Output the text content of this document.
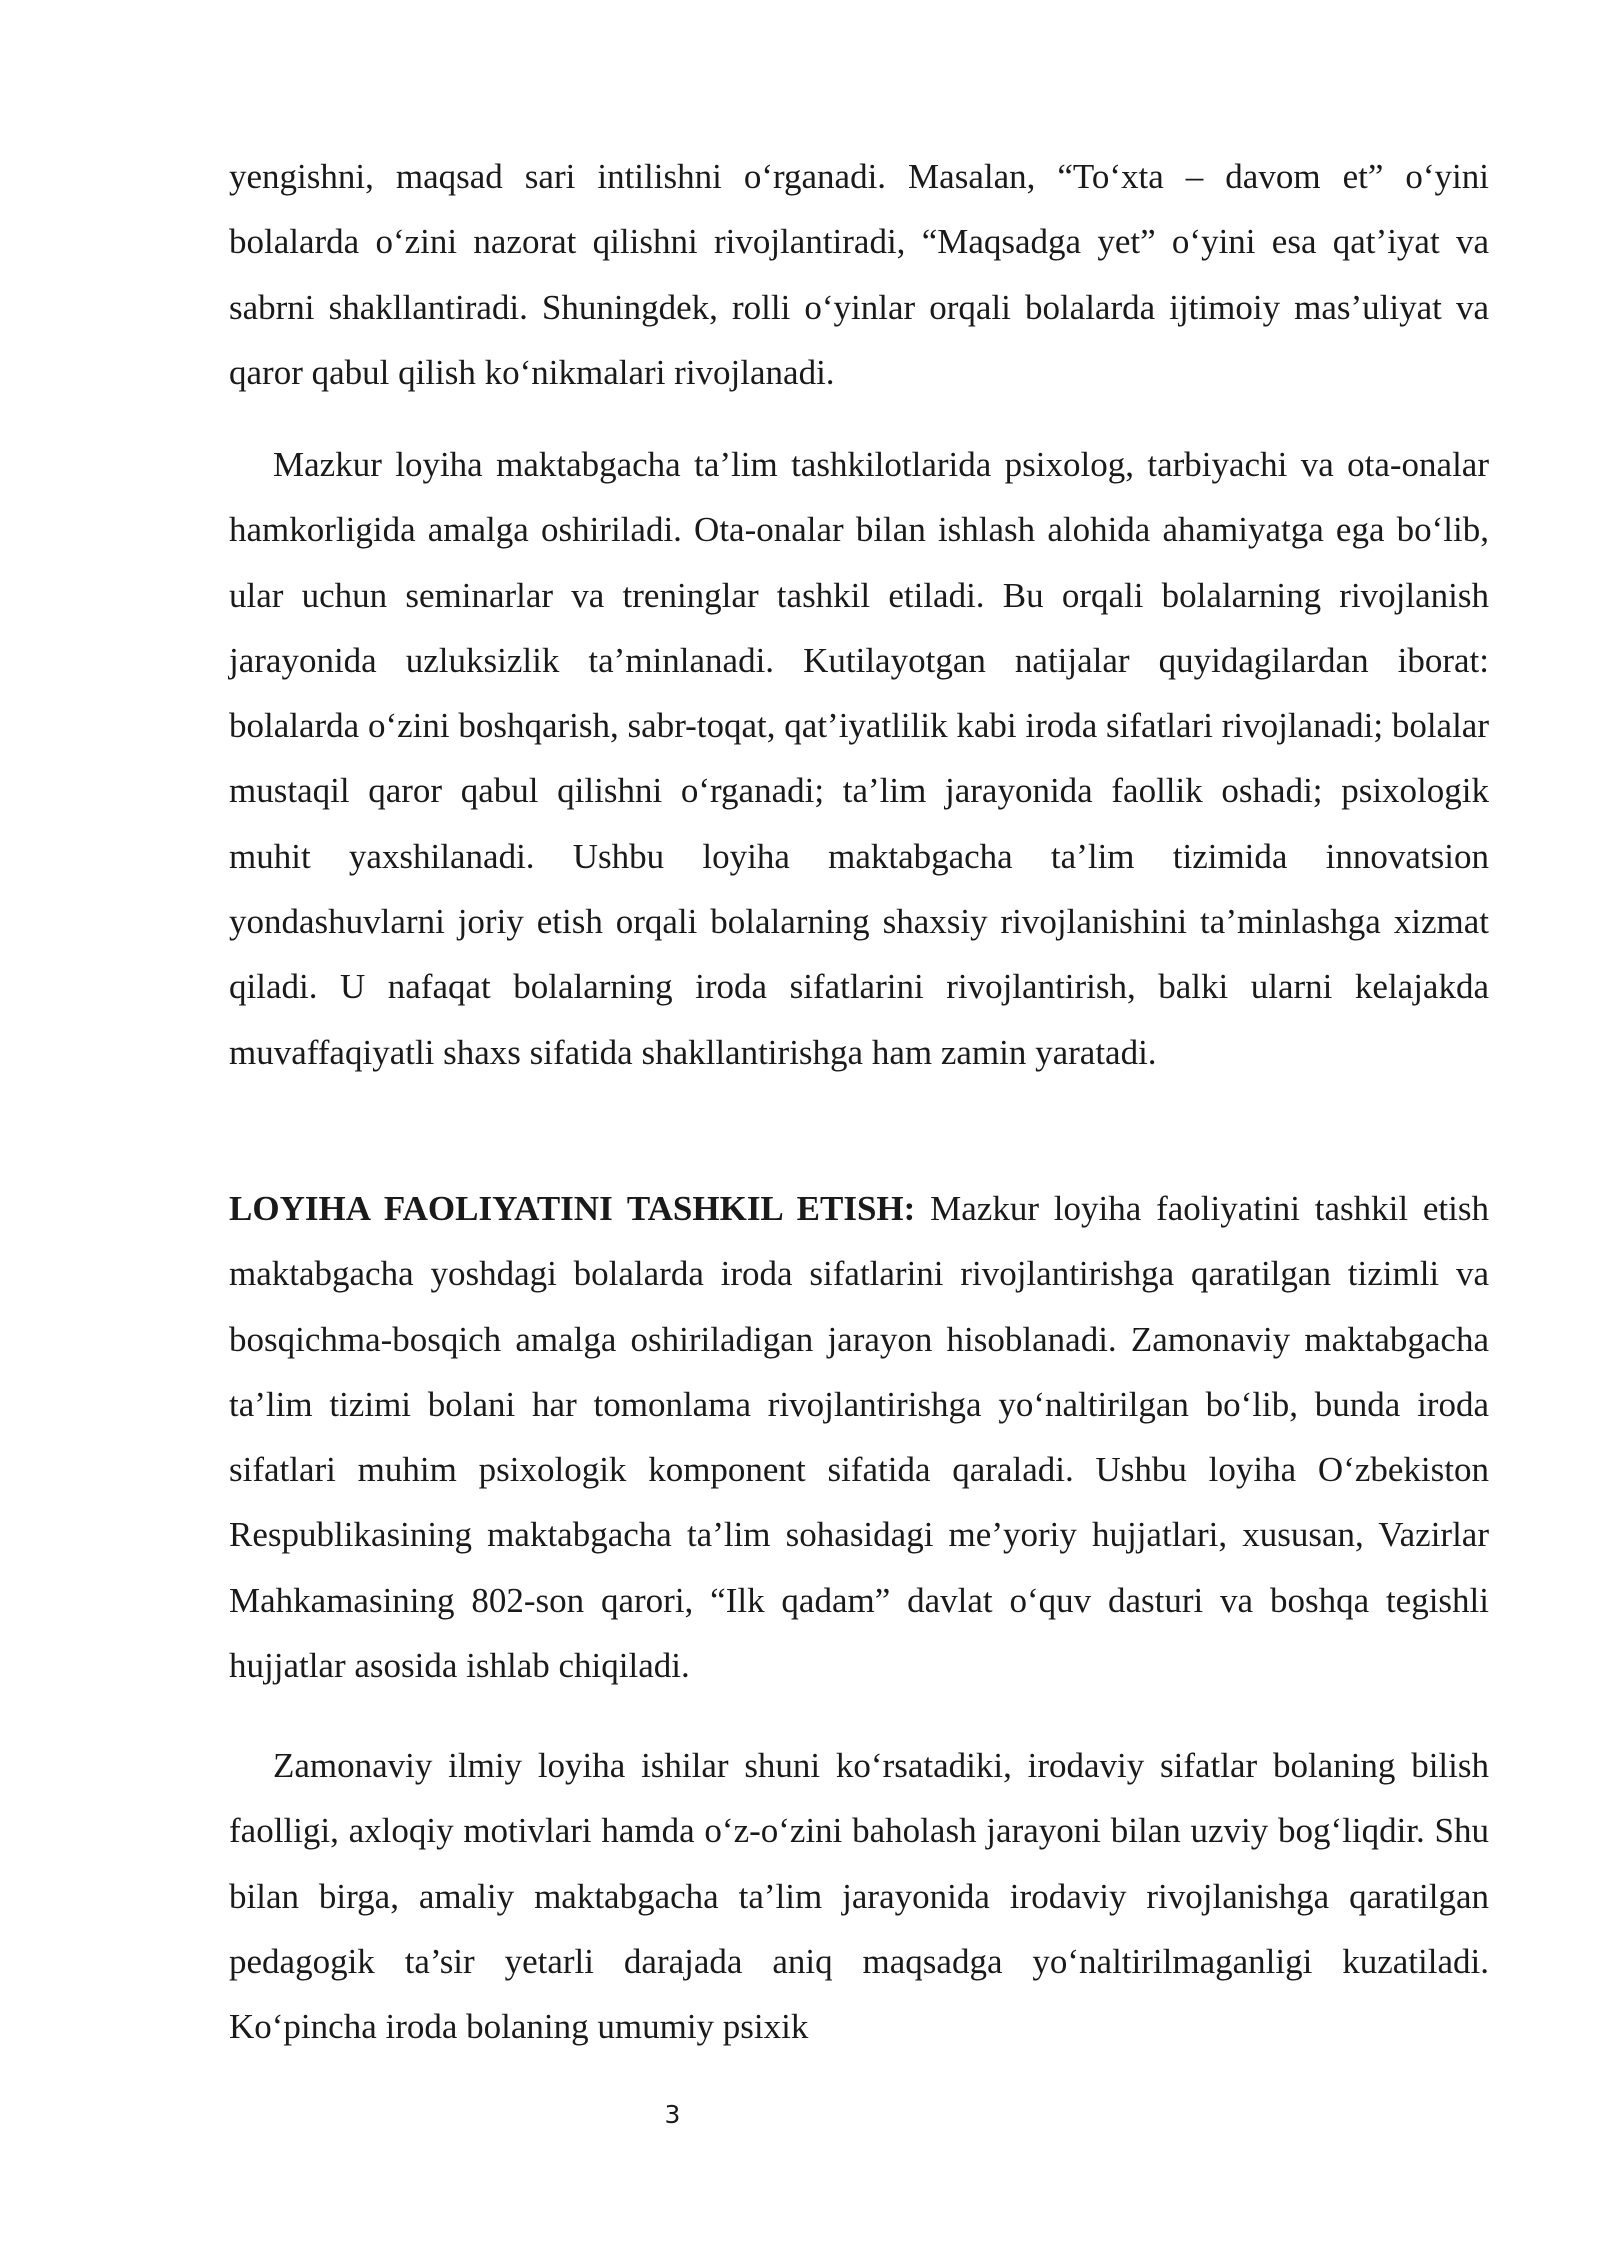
yengishni, maqsad sari intilishni o‘rganadi. Masalan, “To‘xta – davom et” o‘yini bolalarda o‘zini nazorat qilishni rivojlantiradi, “Maqsadga yet” o‘yini esa qat’iyat va sabrni shakllantiradi. Shuningdek, rolli o‘yinlar orqali bolalarda ijtimoiy mas’uliyat va qaror qabul qilish ko‘nikmalari rivojlanadi.

Mazkur loyiha maktabgacha ta’lim tashkilotlarida psixolog, tarbiyachi va ota-onalar hamkorligida amalga oshiriladi. Ota-onalar bilan ishlash alohida ahamiyatga ega bo‘lib, ular uchun seminarlar va treninglar tashkil etiladi. Bu orqali bolalarning rivojlanish jarayonida uzluksizlik ta’minlanadi. Kutilayotgan natijalar quyidagilardan iborat: bolalarda o‘zini boshqarish, sabr-toqat, qat’iyatlilik kabi iroda sifatlari rivojlanadi; bolalar mustaqil qaror qabul qilishni o‘rganadi; ta’lim jarayonida faollik oshadi; psixologik muhit yaxshilanadi. Ushbu loyiha maktabgacha ta’lim tizimida innovatsion yondashuvlarni joriy etish orqali bolalarning shaxsiy rivojlanishini ta’minlashga xizmat qiladi. U nafaqat bolalarning iroda sifatlarini rivojlantirish, balki ularni kelajakda muvaffaqiyatli shaxs sifatida shakllantirishga ham zamin yaratadi.

LOYIHA FAOLIYATINI TASHKIL ETISH: Mazkur loyiha faoliyatini tashkil etish maktabgacha yoshdagi bolalarda iroda sifatlarini rivojlantirishga qaratilgan tizimli va bosqichma-bosqich amalga oshiriladigan jarayon hisoblanadi. Zamonaviy maktabgacha ta’lim tizimi bolani har tomonlama rivojlantirishga yo‘naltirilgan bo‘lib, bunda iroda sifatlari muhim psixologik komponent sifatida qaraladi. Ushbu loyiha O‘zbekiston Respublikasining maktabgacha ta’lim sohasidagi me’yoriy hujjatlari, xususan, Vazirlar Mahkamasining 802-son qarori, “Ilk qadam” davlat o‘quv dasturi va boshqa tegishli hujjatlar asosida ishlab chiqiladi.

Zamonaviy ilmiy loyiha ishilar shuni ko‘rsatadiki, irodaviy sifatlar bolaning bilish faolligi, axloqiy motivlari hamda o‘z-o‘zini baholash jarayoni bilan uzviy bog‘liqdir. Shu bilan birga, amaliy maktabgacha ta’lim jarayonida irodaviy rivojlanishga qaratilgan pedagogik ta’sir yetarli darajada aniq maqsadga yo‘naltirilmaganligi kuzatiladi. Ko‘pincha iroda bolaning umumiy psixik

3
